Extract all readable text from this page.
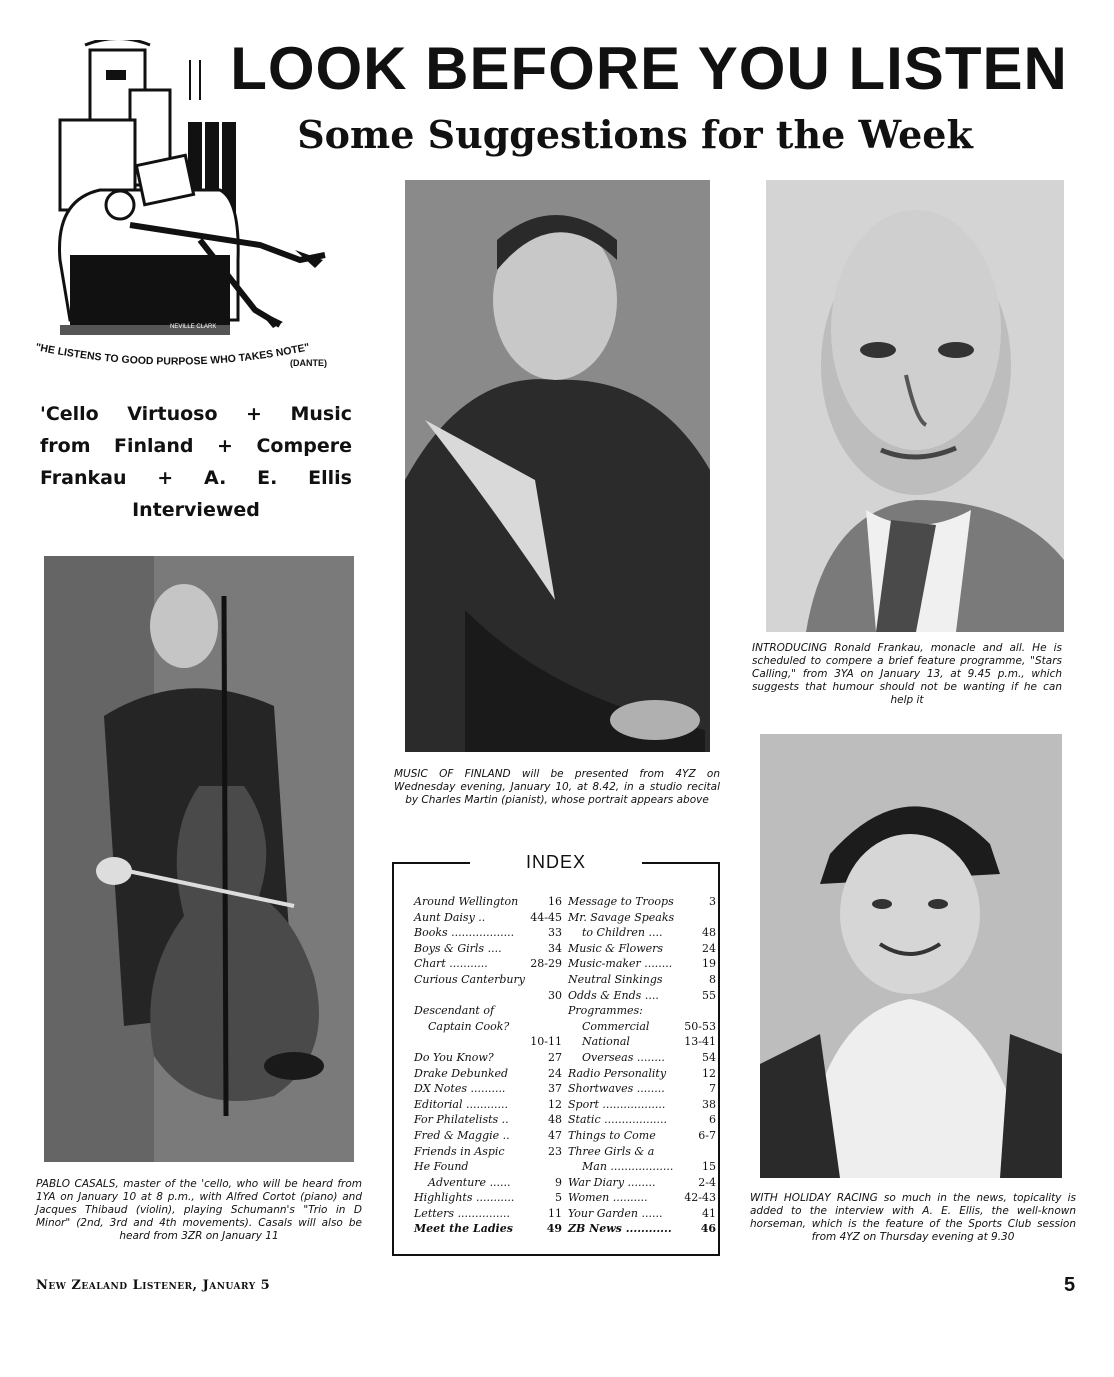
LOOK BEFORE YOU LISTEN
Some Suggestions for the Week
NEVILLE CLARK
"HE LISTENS TO GOOD PURPOSE WHO TAKES NOTE"
(DANTE)
'Cello Virtuoso + Music
from Finland + Compere
Frankau + A. E. Ellis
Interviewed
MUSIC OF FINLAND will be presented from 4YZ on Wednesday evening, January 10, at 8.42, in a studio recital by Charles Martin (pianist), whose portrait appears above
INTRODUCING Ronald Frankau, monacle and all. He is scheduled to compere a brief feature programme, "Stars Calling," from 3YA on January 13, at 9.45 p.m., which suggests that humour should not be wanting if he can help it
PABLO CASALS, master of the 'cello, who will be heard from 1YA on January 10 at 8 p.m., with Alfred Cortot (piano) and Jacques Thibaud (violin), playing Schumann's "Trio in D Minor" (2nd, 3rd and 4th movements). Casals will also be heard from 3ZR on January 11
WITH HOLIDAY RACING so much in the news, topicality is added to the interview with A. E. Ellis, the well-known horseman, which is the feature of the Sports Club session from 4YZ on Thursday evening at 9.30
INDEX
Around Wellington	16
Aunt Daisy ..	44-45
Books ..................	33
Boys & Girls ....	34
Chart ...........	28-29
Curious Canterbury
30
Descendant of
Captain Cook?
10-11
Do You Know?	27
Drake Debunked	24
DX Notes ..........	37
Editorial ............	12
For Philatelists ..	48
Fred & Maggie ..	47
Friends in Aspic	23
He Found
Adventure ......	9
Highlights ...........	5
Letters ...............	11
Meet the Ladies	49
Message to Troops	3
Mr. Savage Speaks
to Children ....	48
Music & Flowers	24
Music-maker ........	19
Neutral Sinkings	8
Odds & Ends ....	55
Programmes:
Commercial	50-53
National	13-41
Overseas ........	54
Radio Personality	12
Shortwaves ........	7
Sport ..................	38
Static ..................	6
Things to Come	6-7
Three Girls & a
Man ..................	15
War Diary ........	2-4
Women ..........	42-43
Your Garden ......	41
ZB News ............	46
New Zealand Listener, January 5	5
